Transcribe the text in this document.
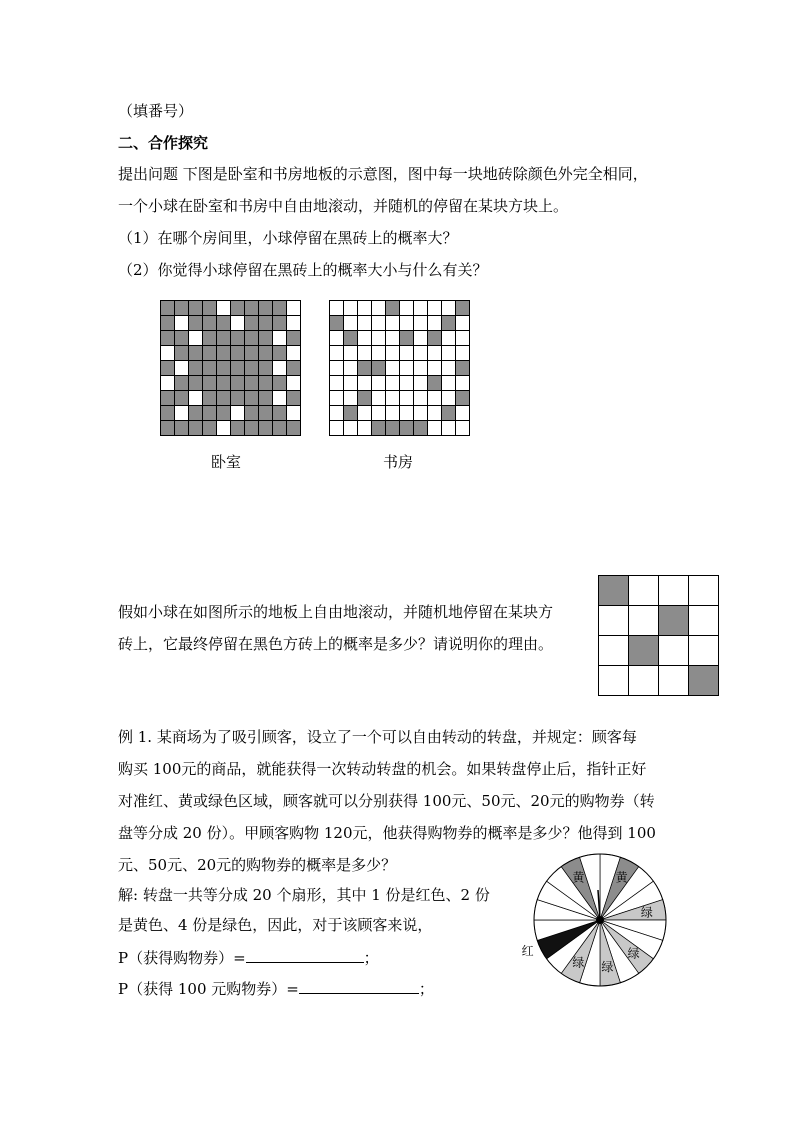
（填番号）
二、合作探究
提出问题 下图是卧室和书房地板的示意图，图中每一块地砖除颜色外完全相同，
一个小球在卧室和书房中自由地滚动，并随机的停留在某块方块上。
（1）在哪个房间里，小球停留在黑砖上的概率大？
（2）你觉得小球停留在黑砖上的概率大小与什么有关？
卧室	书房
假如小球在如图所示的地板上自由地滚动，并随机地停留在某块方
砖上，它最终停留在黑色方砖上的概率是多少？请说明你的理由。
例 1. 某商场为了吸引顾客，设立了一个可以自由转动的转盘，并规定：顾客每
购买 100元的商品，就能获得一次转动转盘的机会。如果转盘停止后，指针正好
对准红、黄或绿色区域，顾客就可以分别获得 100元、50元、20元的购物券（转
盘等分成 20 份）。甲顾客购物 120元，他获得购物券的概率是多少？他得到 100
元、50元、20元的购物券的概率是多少？
解: 转盘一共等分成 20 个扇形，其中 1 份是红色、2 份
是黄色、4 份是绿色，因此，对于该顾客来说，
P（获得购物券）=	；
P（获得 100 元购物券）=	；
黄	黄
绿
绿
绿
绿
红
